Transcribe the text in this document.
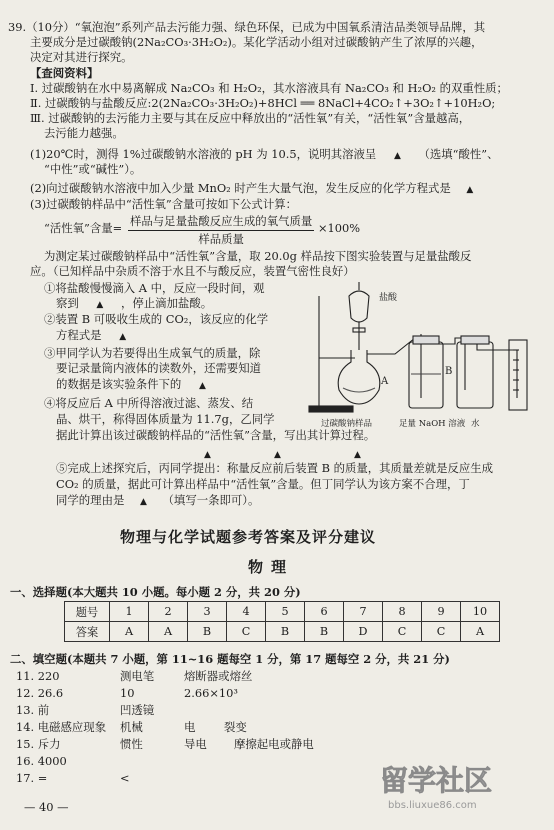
39.（10分）“氧泡泡”系列产品去污能力强、绿色环保，已成为中国氧系清洁品类领导品牌，其
主要成分是过碳酸钠(2Na₂CO₃·3H₂O₂)。某化学活动小组对过碳酸钠产生了浓厚的兴趣，
决定对其进行探究。
【查阅资料】
Ⅰ. 过碳酸钠在水中易离解成 Na₂CO₃ 和 H₂O₂，其水溶液具有 Na₂CO₃ 和 H₂O₂ 的双重性质；
Ⅱ. 过碳酸钠与盐酸反应:2(2Na₂CO₃·3H₂O₂)+8HCl ══ 8NaCl+4CO₂↑+3O₂↑+10H₂O;
Ⅲ. 过碳酸钠的去污能力主要与其在反应中释放出的“活性氧”有关，“活性氧”含量越高，
去污能力越强。
(1)20℃时，测得 1%过碳酸钠水溶液的 pH 为 10.5，说明其溶液呈 ▲ （选填“酸性”、
“中性”或“碱性”）。
(2)向过碳酸钠水溶液中加入少量 MnO₂ 时产生大量气泡，发生反应的化学方程式是 ▲
(3)过碳酸钠样品中“活性氧”含量可按如下公式计算：
“活性氧”含量= 样品与足量盐酸反应生成的氧气质量
样品质量
×100%
为测定某过碳酸钠样品中“活性氧”含量，取 20.0g 样品按下图实验装置与足量盐酸反
应。（已知样品中杂质不溶于水且不与酸反应，装置气密性良好）
①将盐酸慢慢滴入 A 中，反应一段时间，观
察到 ▲ ，停止滴加盐酸。
②装置 B 可吸收生成的 CO₂，该反应的化学
方程式是 ▲
③甲同学认为若要得出生成氧气的质量，除
要记录量筒内液体的读数外，还需要知道
的数据是该实验条件下的 ▲
④将反应后 A 中所得溶液过滤、蒸发、结
晶、烘干，称得固体质量为 11.7g，乙同学
据此计算出该过碳酸钠样品的“活性氧”含量，写出其计算过程。
▲	▲	▲
⑤完成上述探究后，丙同学提出：称量反应前后装置 B 的质量，其质量差就是反应生成
CO₂ 的质量，据此可计算出样品中“活性氧”含量。但丁同学认为该方案不合理，丁
同学的理由是 ▲ （填写一条即可）。
盐酸
A
B
过碳酸钠样品	足量 NaOH 溶液 水
物理与化学试题参考答案及评分建议
物理
一、选择题(本大题共 10 小题。每小题 2 分，共 20 分)
题号	1	2	3	4	5	6	7	8	9	10
答案	A	A	B	C	B	B	D	C	C	A
二、填空题(本题共 7 小题，第 11~16 题每空 1 分，第 17 题每空 2 分，共 21 分)
11. 220	测电笔	熔断器或熔丝
12. 26.6	10	2.66×10³
13. 前	凹透镜
14. 电磁感应现象 机械	电	裂变
15. 斥力	惯性	导电 摩擦起电或静电
16. 4000
17. =	<
— 40 —
留学社区
bbs.liuxue86.com
